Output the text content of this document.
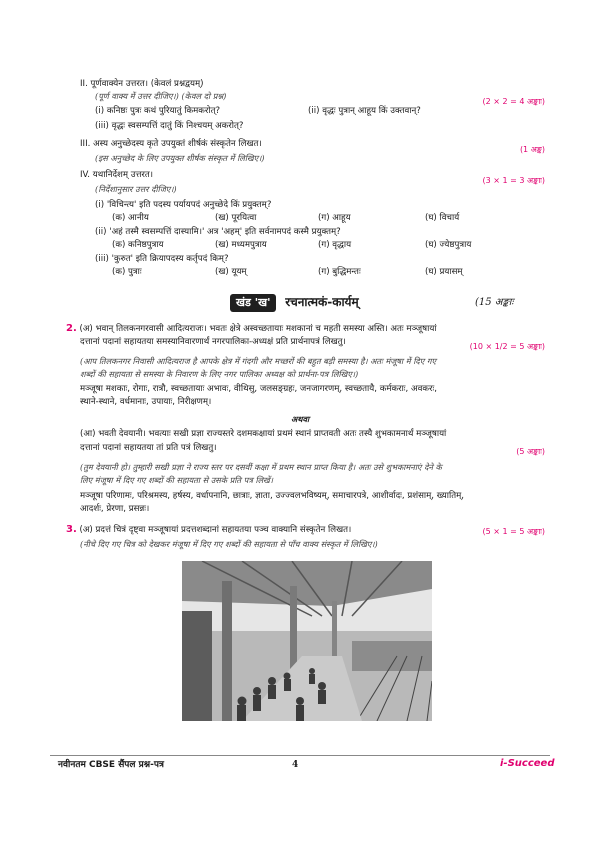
II. पूर्णवाक्येन उत्तरत। (केवलं प्रश्नद्वयम्)
(पूर्ण वाक्य में उत्तर दीजिए।) (केवल दो प्रश्न)
(2 × 2 = 4 अङ्काः)
(i) कनिष्ठः पुत्रः कथं पुरियातुं किमकरोत्?	(ii) वृद्धः पुत्रान् आहूय किं उक्तवान्?
(iii) वृद्धः स्वसम्पत्तिं दातुं किं निश्चयम् अकरोत्?
III. अस्य अनुच्छेदस्य कृते उपयुक्तं शीर्षकं संस्कृतेन लिखत।
(1 अङ्क)
(इस अनुच्छेद के लिए उपयुक्त शीर्षक संस्कृत में लिखिए।)
IV. यथानिर्देशम् उत्तरत।
(3 × 1 = 3 अङ्काः)
(निर्देशानुसार उत्तर दीजिए।)
(i) 'विचिन्त्य' इति पदस्य पर्यायपदं अनुच्छेदे किं प्रयुक्तम्?
(क) आनीय	(ख) पूरयित्वा	(ग) आहूय	(घ) विचार्य
(ii) 'अहं तस्मै स्वसम्पत्तिं दास्यामि।' अत्र 'अहम्' इति सर्वनामपदं कस्मै प्रयुक्तम्?
(क) कनिष्ठपुत्राय	(ख) मध्यमपुत्राय	(ग) वृद्धाय	(घ) ज्येष्ठपुत्राय
(iii) 'कुरुत' इति क्रियापदस्य कर्तृपदं किम्?
(क) पुत्राः	(ख) यूयम्	(ग) बुद्धिमन्तः	(घ) प्रयासम्
खंड 'ख' रचनात्मकं-कार्यम्	(15 अङ्काः
2. (अ) भवान् तिलकनगरवासी आदित्यराजः। भवतः क्षेत्रे अस्वच्छतायाः मशकानां च महती समस्या अस्ति। अतः मञ्जूषायां
दत्तानां पदानां सहायतया समस्यानिवारणार्थं नगरपालिका-अध्यक्षं प्रति प्रार्थनापत्रं लिखतु।	(10 × 1/2 = 5 अङ्काः)
(आप तिलकनगर निवासी आदित्यराज है आपके क्षेत्र में गंदगी और मच्छरों की बहुत बड़ी समस्या है। अतः मंजूषा में दिए गए
शब्दों की सहायता से समस्या के निवारण के लिए नगर पालिका अध्यक्ष को प्रार्थना-पत्र लिखिए।)
मञ्जूषा मशकाः, रोगाः, रात्रौ, स्वच्छतायाः अभावः, वीथिसु, जलसङ्ग्रहः, जनजागरणम्, स्वच्छतायै, कर्मकराः, अवकरः,
स्थाने-स्थाने, वर्धमानाः, उपायाः, निरीक्षणम्।
अथवा
(आ) भवती देवयानी। भवत्याः सखी प्रज्ञा राज्यस्तरे दशमकक्षायां प्रथमं स्थानं प्राप्तवती अतः तस्यै शुभकामनार्थं मञ्जूषायां
दत्तानां पदानां सहायतया तां प्रति पत्रं लिखतु।	(5 अङ्काः)
(तुम देवयानी हो। तुम्हारी सखी प्रज्ञा ने राज्य स्तर पर दसवीं कक्षा में प्रथम स्थान प्राप्त किया है। अतः उसे शुभकामनाएं देने के
लिए मंजूषा में दिए गए शब्दों की सहायता से उसके प्रति पत्र लिखें।
मञ्जूषा परिणामः, परिश्रमस्य, हर्षस्य, वर्धापनानि, छात्राः, ज्ञाता, उज्ज्वलभविष्यम्, समाचारपत्रे, आशीर्वादः, प्रशंसाम्, ख्यातिम्,
आदर्शः, प्रेरणा, प्रसन्नः।
3. (अ) प्रदत्तं चित्रं दृष्ट्वा मञ्जूषायां प्रदत्तशब्दानां सहायतया पञ्च वाक्यानि संस्कृतेन लिखत।	(5 × 1 = 5 अङ्काः)
(नीचे दिए गए चित्र को देखकर मंजूषा में दिए गए शब्दों की सहायता से पाँच वाक्य संस्कृत में लिखिए।)
नवीनतम CBSE सैंपल प्रश्न-पत्र	4	i-Succeed
